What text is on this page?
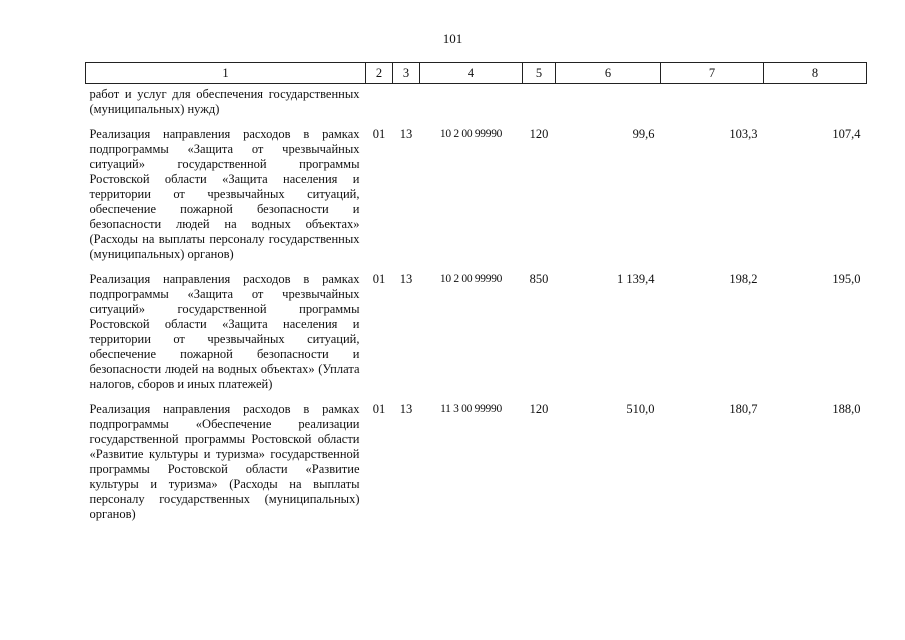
101
1	2	3	4	5	6	7	8
работ и услуг для обеспечения государственных (муниципальных) нужд)							
Реализация направления расходов в рамках подпрограммы «Защита от чрезвычайных ситуаций» государственной программы Ростовской области «Защита населения и территории от чрезвычайных ситуаций, обеспечение пожарной безопасности и безопасности людей на водных объектах» (Расходы на выплаты персоналу государственных (муниципальных) органов)	01	13	10 2 00 99990	120	99,6	103,3	107,4
Реализация направления расходов в рамках подпрограммы «Защита от чрезвычайных ситуаций» государственной программы Ростовской области «Защита населения и территории от чрезвычайных ситуаций, обеспечение пожарной безопасности и безопасности людей на водных объектах» (Уплата налогов, сборов и иных платежей)	01	13	10 2 00 99990	850	1 139,4	198,2	195,0
Реализация направления расходов в рамках подпрограммы «Обеспечение реализации государственной программы Ростовской области «Развитие культуры и туризма» государственной программы Ростовской области «Развитие культуры и туризма» (Расходы на выплаты персоналу государственных (муниципальных) органов)	01	13	11 3 00 99990	120	510,0	180,7	188,0
